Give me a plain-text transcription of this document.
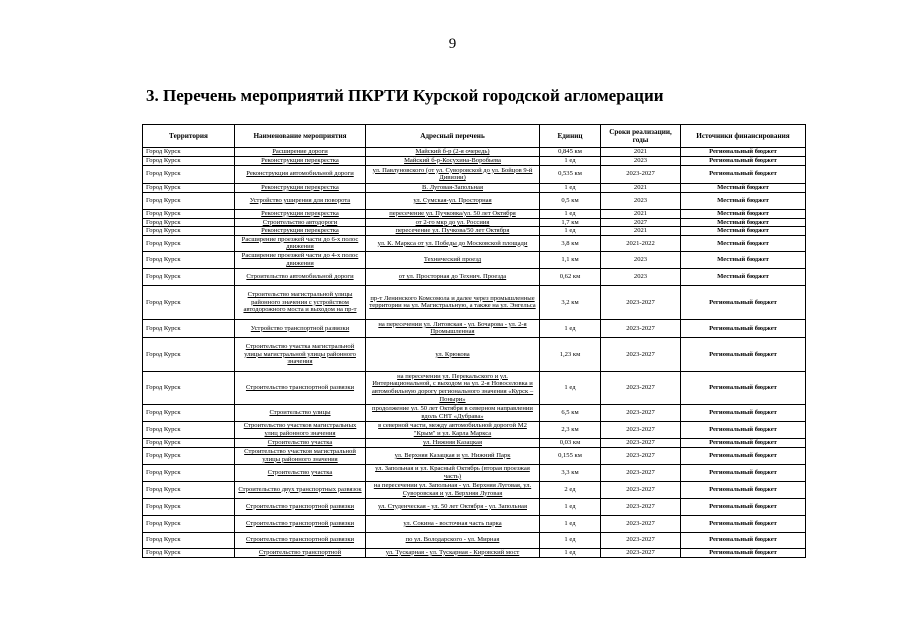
9
3. Перечень мероприятий ПКРТИ Курской городской агломерации
Территория	Наименование мероприятия	Адресный перечень	Единиц	Сроки реализации, годы	Источники финансирования
Город Курск	Расширение дороги	Майский б-р (2-я очередь)	0,845 км	2021	Региональный бюджет
Город Курск	Реконструкция перекрестка	Майский б-р-Косухина-Воробьева	1 ед	2023	Региональный бюджет
Город Курск	Реконструкция автомобильной дороги	ул. Павлуновского (от ул. Суворовской до ул. Бойцов 9-й Дивизии)	0,535 км	2023-2027	Региональный бюджет
Город Курск	Реконструкция перекрестка	В. Луговая-Запольная	1 ед	2021	Местный бюджет
Город Курск	Устройство уширения для поворота	ул. Сумская-ул. Просторная	0,5 км	2023	Местный бюджет
Город Курск	Реконструкция перекрестка	пересечение ул. Пучковка/ул. 50 лет Октября	1 ед	2021	Местный бюджет
Город Курск	Строительство автодороги	от 2-го мкр до ул. Россиия	1,7 км	2027	Местный бюджет
Город Курск	Реконструкция перекрестка	пересечение ул. Пучкова/50 лет Октября	1 ед	2021	Местный бюджет
Город Курск	Расширение проезжей части до 6-х полос движения	ул. К. Маркса от ул. Победы до Московской площади	3,8 км	2021-2022	Местный бюджет
Город Курск	Расширение проезжей части до 4-х полос движения	Технический проезд	1,1 км	2023	Местный бюджет
Город Курск	Строительство автомобильной дороги	от ул. Просторная до Технич. Проезда	0,62 км	2023	Местный бюджет
Город Курск	Строительство магистральной улицы районного значения с устройством автодорожного моста и выходом на пр-т	пр-т Ленинского Комсомола и далее через промышленные территории на ул. Магистральную, а также на ул. Энгельса	3,2 км	2023-2027	Региональный бюджет
Город Курск	Устройство транспортной развязки	на пересечении ул. Литовская - ул. Бочарова - ул. 2-я Промышленная	1 ед	2023-2027	Региональный бюджет
Город Курск	Строительство участка магистральной улицы магистральной улицы районного значения	ул. Крюкова	1,23 км	2023-2027	Региональный бюджет
Город Курск	Строительство транспортной развязки	на пересечении ул. Перекальского и ул. Интернациональной, с выходом на ул. 2-я Новоселовка и автомобильную дорогу регионального значения «Курск – Поныри»	1 ед	2023-2027	Региональный бюджет
Город Курск	Строительство улицы	продолжение ул. 50 лет Октября в северном направлении вдоль СНТ «Дубрава»	6,5 км	2023-2027	Региональный бюджет
Город Курск	Строительство участков магистральных улиц районного значения	в северной части, между автомобильной дорогой М2 "Крым" и ул. Карла Маркса	2,3 км	2023-2027	Региональный бюджет
Город Курск	Строительство участка	ул. Нижняя Казацкая	0,03 км	2023-2027	Региональный бюджет
Город Курск	Строительство участков магистральной улицы районного значения	ул. Верхняя Казацкая и ул. Нижний Парк	0,155 км	2023-2027	Региональный бюджет
Город Курск	Строительство участка	ул. Запольная и ул. Красный Октябрь (вторая проезжая часть)	3,3 км	2023-2027	Региональный бюджет
Город Курск	Строительство двух транспортных развязок	на пересечении ул. Запольная - ул. Верхняя Луговая, ул. Суворовская и ул. Верхняя Луговая	2 ед	2023-2027	Региональный бюджет
Город Курск	Строительство транспортной развязки	ул. Студенческая - ул. 50 лет Октября - ул. Запольная	1 ед	2023-2027	Региональный бюджет
Город Курск	Строительство транспортной развязки	ул. Сокина - восточная часть парка	1 ед	2023-2027	Региональный бюджет
Город Курск	Строительство транспортной развязки	по ул. Володарского - ул. Мирная	1 ед	2023-2027	Региональный бюджет
Город Курск	Строительство транспортной	ул. Тускарная - ул. Тускарная - Кировский мост	1 ед	2023-2027	Региональный бюджет
